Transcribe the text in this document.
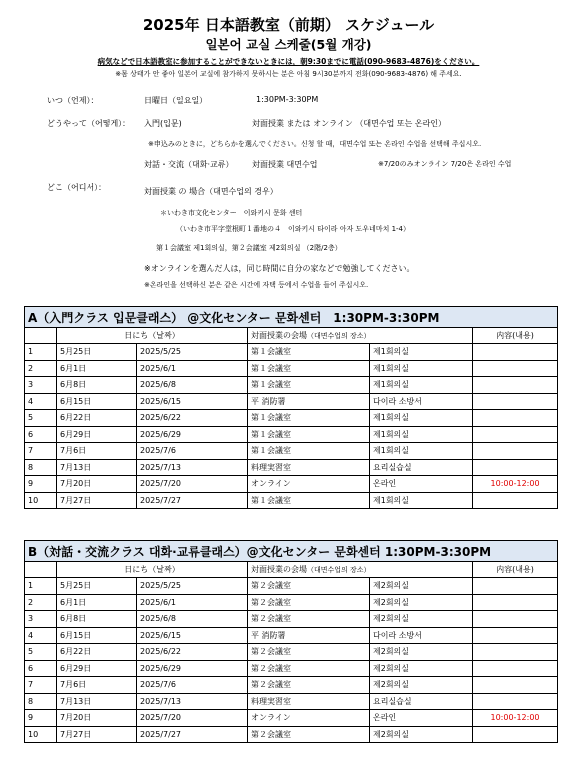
2025年 日本語教室（前期） スケジュール
일본어 교실 스케줄(5월 개강)
病気などで日本語教室に参加することができないときには，朝9:30までに電話(090-9683-4876)をください。
※몸 상태가 안 좋아 일본어 교실에 참가하지 못하시는 분은 아침 9시30분까지 전화(090-9683-4876) 해 주세요.
いつ（언제）：	日曜日（일요일）	1:30PM-3:30PM
どうやって（어떻게）： 入門(입문)	対面授業 または オンライン （대면수업 또는 온라인）
※申込みのときに，どちらかを選んでください。신청 할 때，대면수업 또는 온라인 수업을 선택해 주십시오.
対話・交流（대화·교류） 対面授業 대면수업	※7/20のみオンライン 7/20은 온라인 수업
どこ（어디서）：	対面授業 の 場合（대면수업의 경우）
＊いわき市文化センター　이와키시 문화 센터
（いわき市平字堂根町１番地の４　이와키시 타이라 아자 도우네마치 1-4）
第１会議室 제1회의실，第２会議室 제2회의실 （2階/2층）
※オンラインを選んだ人は，同じ時間に自分の家などで勉強してください。
※온라인을 선택하신 분은 같은 시간에 자택 등에서 수업을 들어 주십시오.
A（入門クラス 입문클래스） @文化センター 문화센터　1:30PM-3:30PM					
	日にち（날짜）		対面授業の会場（대면수업의 장소）		内容(내용)
1	5月25日	2025/5/25	第１会議室	제1회의실	
2	6月1日	2025/6/1	第１会議室	제1회의실	
3	6月8日	2025/6/8	第１会議室	제1회의실	
4	6月15日	2025/6/15	平 消防署	다이라 소방서	
5	6月22日	2025/6/22	第１会議室	제1회의실	
6	6月29日	2025/6/29	第１会議室	제1회의실	
7	7月6日	2025/7/6	第１会議室	제1회의실	
8	7月13日	2025/7/13	料理実習室	요리실습실	
9	7月20日	2025/7/20	オンライン	온라인	10:00-12:00
10	7月27日	2025/7/27	第１会議室	제1회의실	
B（対話・交流クラス 대화·교류클래스）@文化センター 문화센터 1:30PM-3:30PM					
	日にち（날짜）		対面授業の会場（대면수업의 장소）		内容(내용)
1	5月25日	2025/5/25	第２会議室	제2회의실	
2	6月1日	2025/6/1	第２会議室	제2회의실	
3	6月8日	2025/6/8	第２会議室	제2회의실	
4	6月15日	2025/6/15	平 消防署	다이라 소방서	
5	6月22日	2025/6/22	第２会議室	제2회의실	
6	6月29日	2025/6/29	第２会議室	제2회의실	
7	7月6日	2025/7/6	第２会議室	제2회의실	
8	7月13日	2025/7/13	料理実習室	요리실습실	
9	7月20日	2025/7/20	オンライン	온라인	10:00-12:00
10	7月27日	2025/7/27	第２会議室	제2회의실	
